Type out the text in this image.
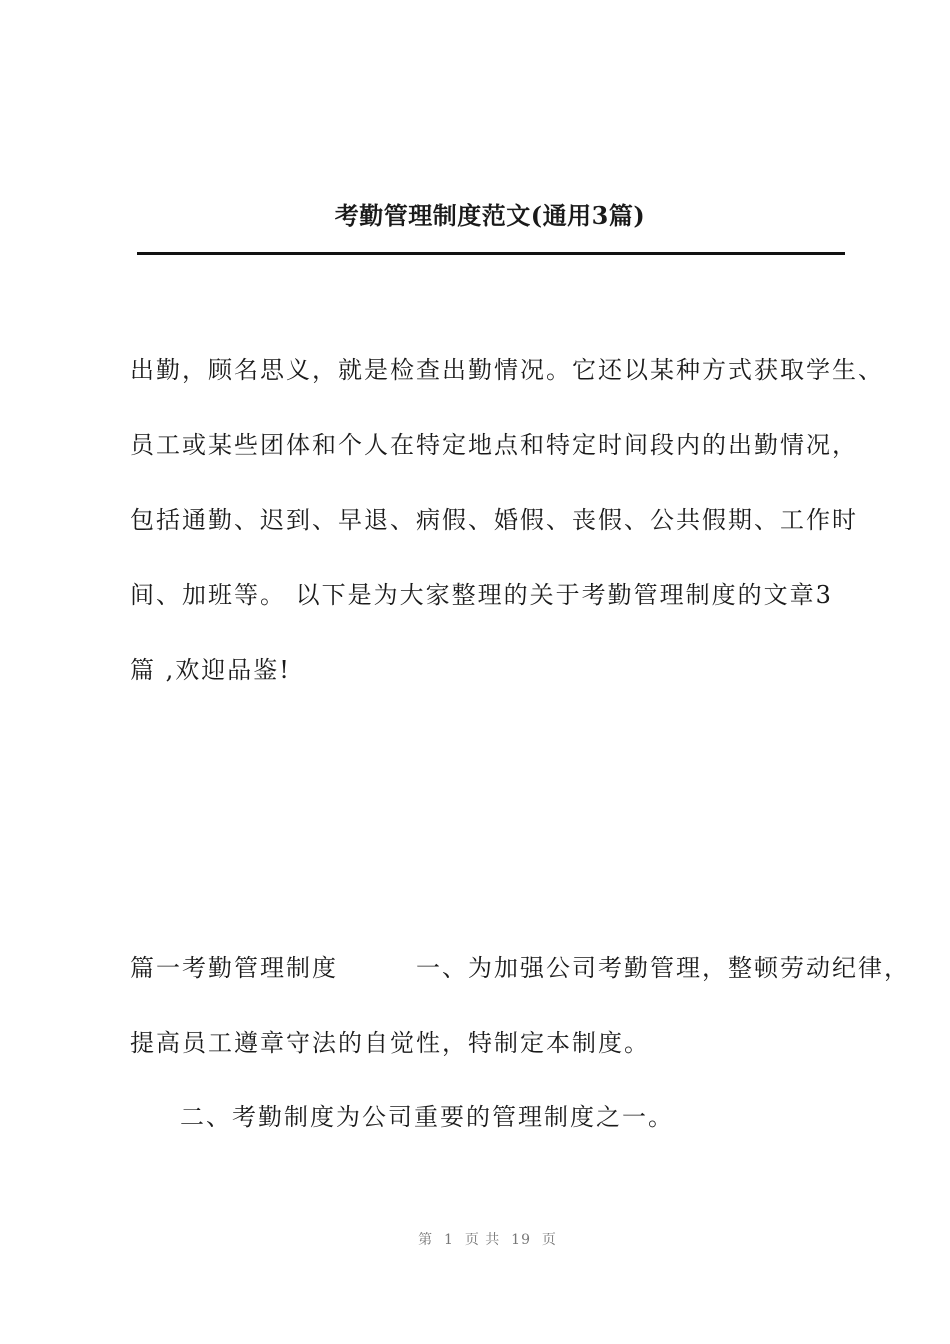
考勤管理制度范文(通用3篇)

出勤，顾名思义，就是检查出勤情况。它还以某种方式获取学生、

员工或某些团体和个人在特定地点和特定时间段内的出勤情况，

包括通勤、迟到、早退、病假、婚假、丧假、公共假期、工作时

间、加班等。 以下是为大家整理的关于考勤管理制度的文章3

篇 ,欢迎品鉴!

篇一考勤管理制度　　　一、为加强公司考勤管理，整顿劳动纪律，

提高员工遵章守法的自觉性，特制定本制度。

二、考勤制度为公司重要的管理制度之一。

第  1  页 共  19  页
